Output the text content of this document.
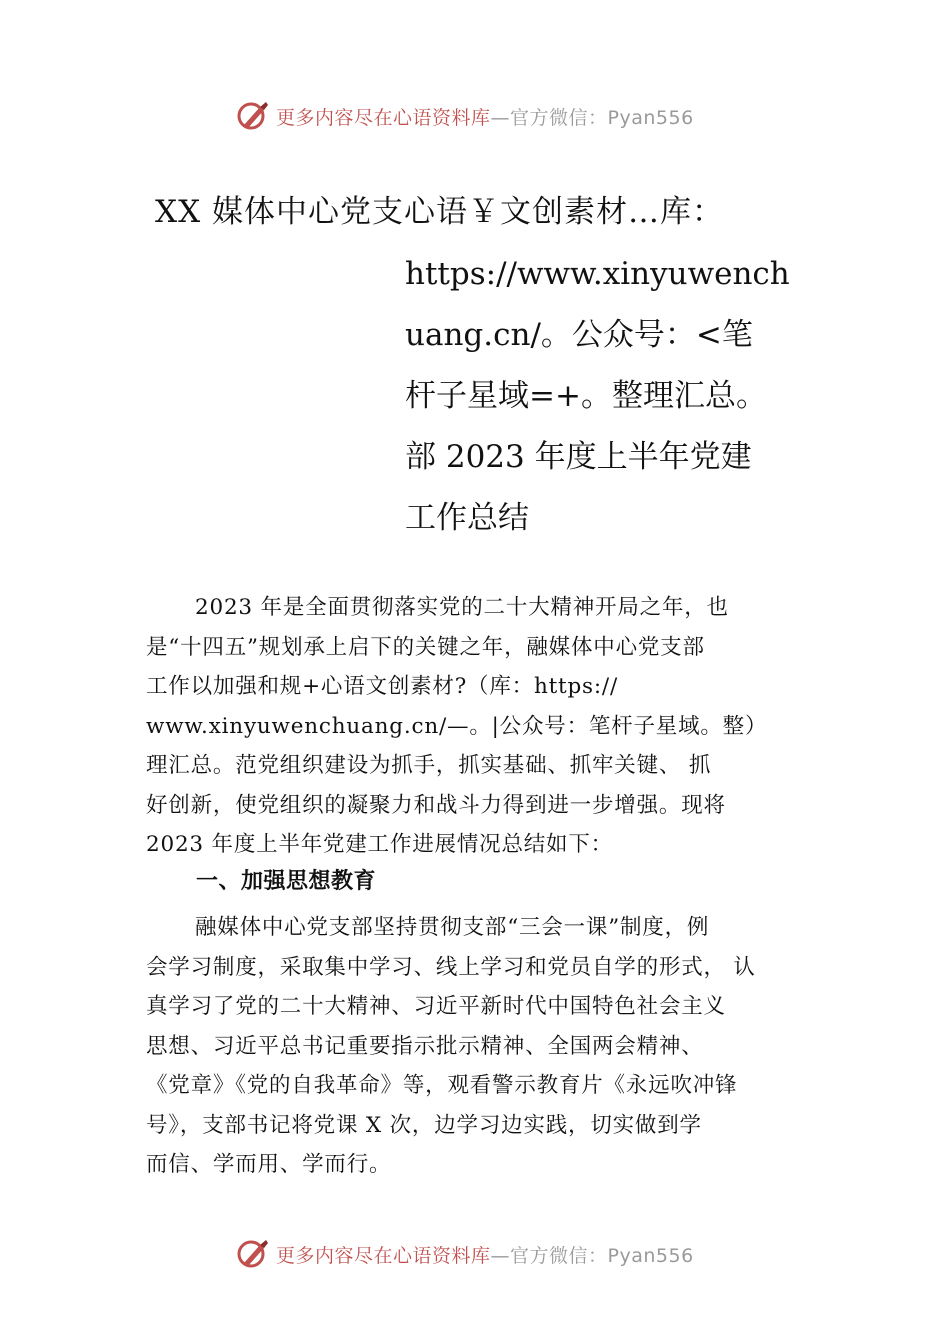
更多内容尽在心语资料库—官方微信：Pyan556
XX 媒体中心党支心语￥文创素材…库：
https://www.xinyuwench
uang.cn/。公众号：<笔
杆子星域=+。整理汇总。
部 2023 年度上半年党建
工作总结
2023 年是全面贯彻落实党的二十大精神开局之年，也
是“十四五”规划承上启下的关键之年，融媒体中心党支部
工作以加强和规+心语文创素材?（库：https://
www.xinyuwenchuang.cn/—。|公众号：笔杆子星域。整）
理汇总。范党组织建设为抓手，抓实基础、抓牢关键、 抓
好创新，使党组织的凝聚力和战斗力得到进一步增强。现将
2023 年度上半年党建工作进展情况总结如下：
一、加强思想教育
融媒体中心党支部坚持贯彻支部“三会一课”制度，例
会学习制度，采取集中学习、线上学习和党员自学的形式， 认
真学习了党的二十大精神、习近平新时代中国特色社会主义
思想、习近平总书记重要指示批示精神、全国两会精神、
《党章》《党的自我革命》等，观看警示教育片《永远吹冲锋
号》，支部书记将党课 X 次，边学习边实践，切实做到学
而信、学而用、学而行。
更多内容尽在心语资料库—官方微信：Pyan556
